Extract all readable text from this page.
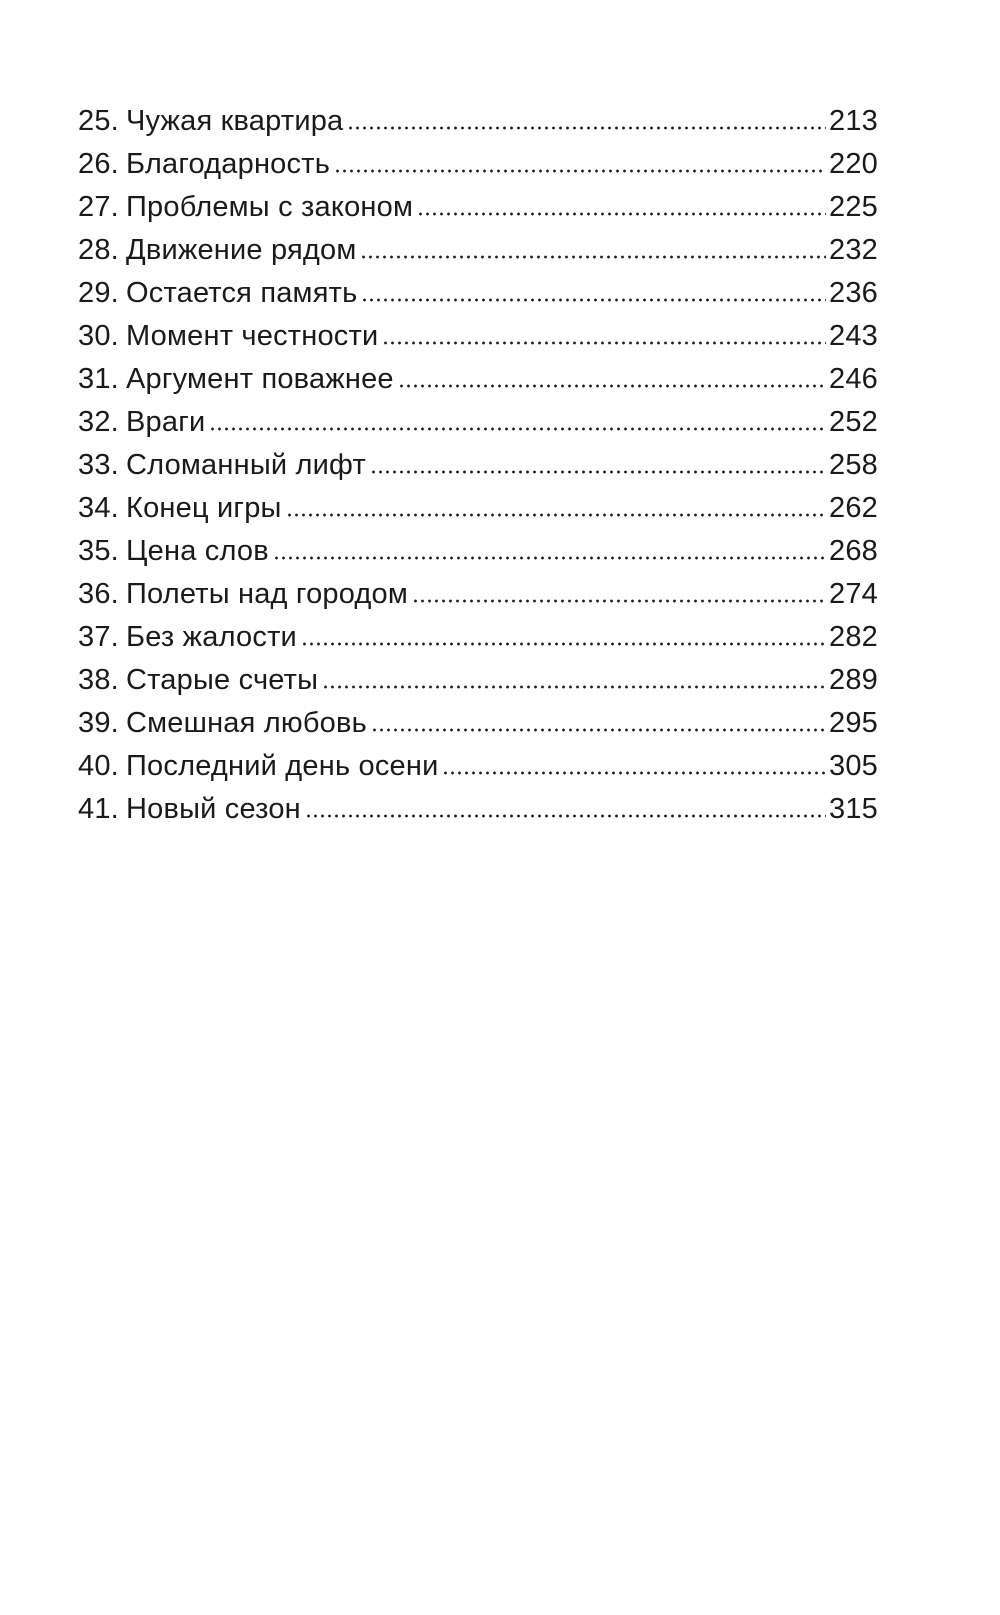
25. Чужая квартира	213
26. Благодарность	220
27. Проблемы с законом	225
28. Движение рядом	232
29. Остается память	236
30. Момент честности	243
31. Аргумент поважнее	246
32. Враги	252
33. Сломанный лифт	258
34. Конец игры	262
35. Цена слов	268
36. Полеты над городом	274
37. Без жалости	282
38. Старые счеты	289
39. Смешная любовь	295
40. Последний день осени	305
41. Новый сезон	315
